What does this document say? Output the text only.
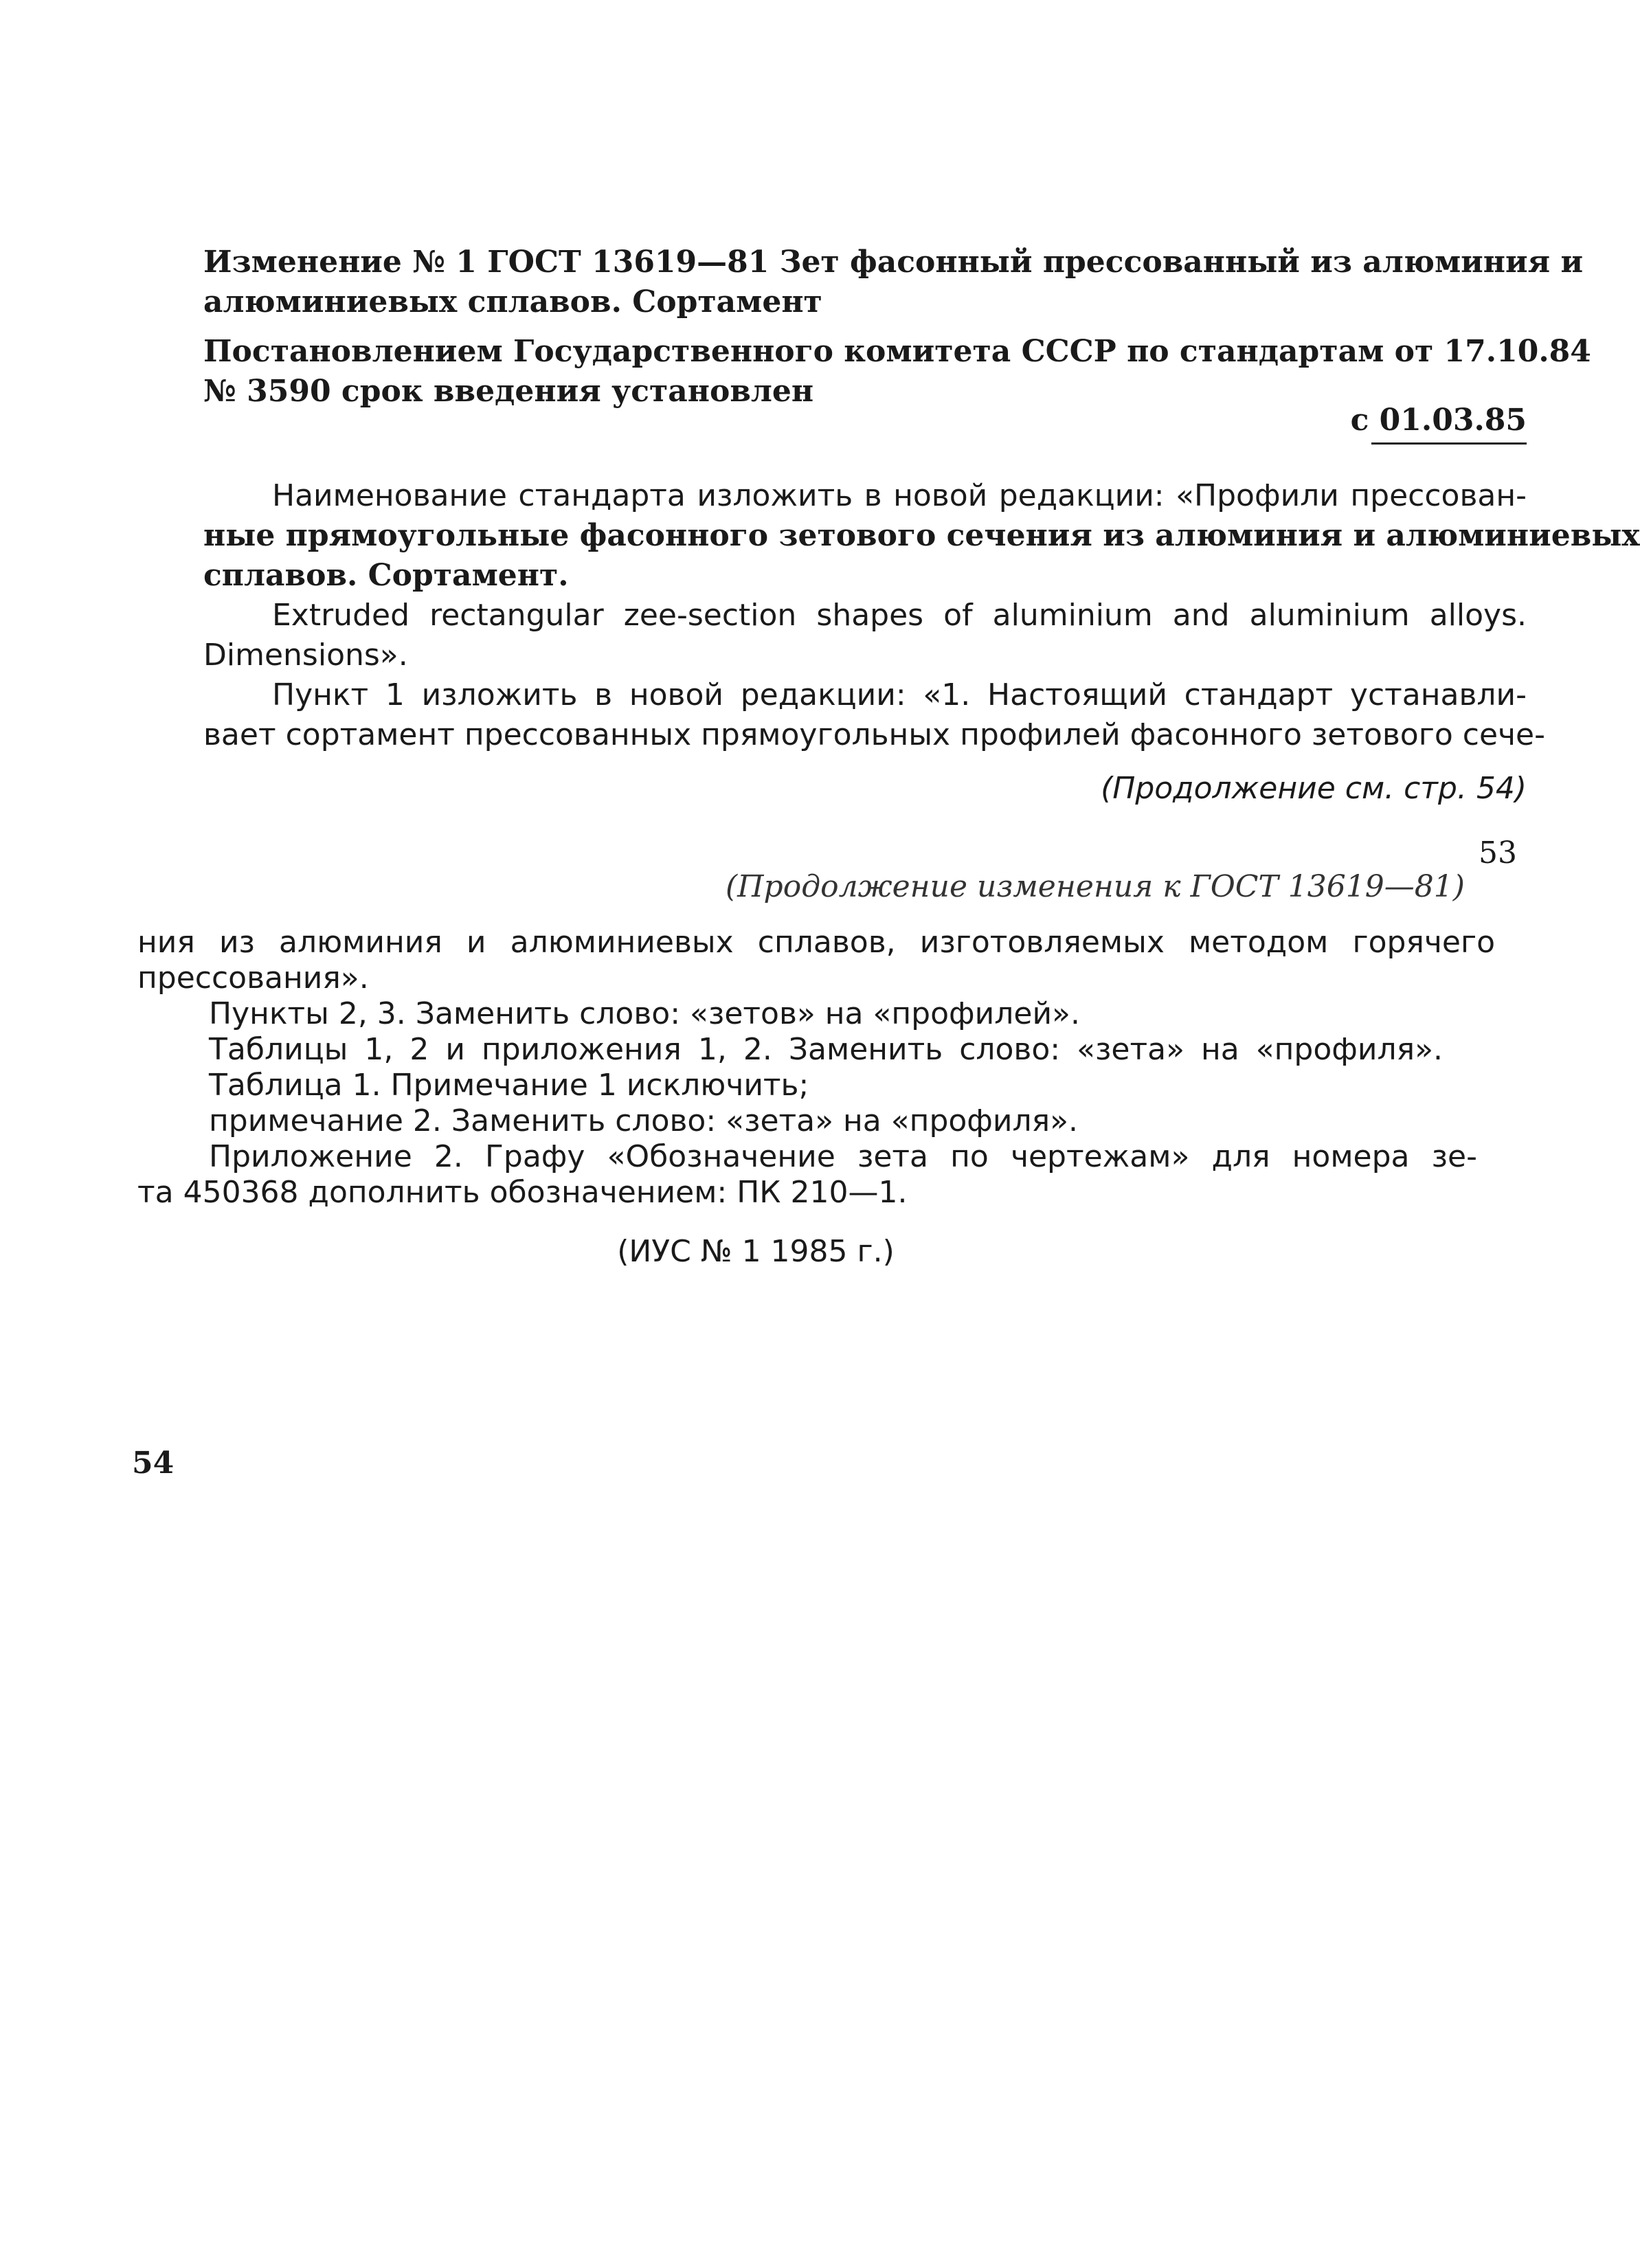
Изменение № 1 ГОСТ 13619—81 Зет фасонный прессованный из алюминия и
алюминиевых сплавов. Сортамент
Постановлением Государственного комитета СССР по стандартам от 17.10.84
№ 3590 срок введения установлен
с 01.03.85
Наименование стандарта изложить в новой редакции: «Профили прессован-
ные прямоугольные фасонного зетового сечения из алюминия и алюминиевых
сплавов. Сортамент.
Extruded rectangular zee-section shapes of aluminium and aluminium alloys.
Dimensions».
Пункт 1 изложить в новой редакции: «1. Настоящий стандарт устанавли-
вает сортамент прессованных прямоугольных профилей фасонного зетового сече-
(Продолжение см. стр. 54)
53
(Продолжение изменения к ГОСТ 13619—81)
ния из алюминия и алюминиевых сплавов, изготовляемых методом горячего
прессования».
Пункты 2, 3. Заменить слово: «зетов» на «профилей».
Таблицы 1, 2 и приложения 1, 2. Заменить слово: «зета» на «профиля».
Таблица 1. Примечание 1 исключить;
примечание 2. Заменить слово: «зета» на «профиля».
Приложение 2. Графу «Обозначение зета по чертежам» для номера зе-
та 450368 дополнить обозначением: ПК 210—1.
(ИУС № 1 1985 г.)
54
